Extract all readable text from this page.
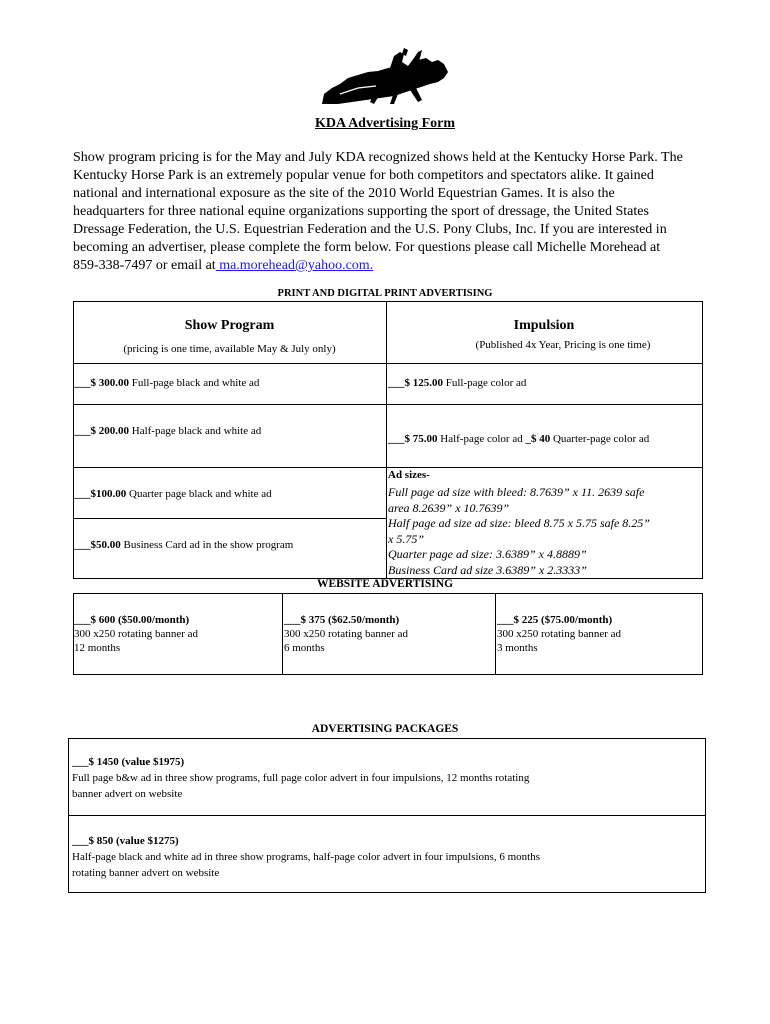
KDA Advertising Form
Show program pricing is for the May and July KDA recognized shows held at the Kentucky Horse Park. The Kentucky Horse Park is an extremely popular venue for both competitors and spectators alike. It gained national and international exposure as the site of the 2010 World Equestrian Games. It is also the headquarters for three national equine organizations supporting the sport of dressage, the United States Dressage Federation, the U.S. Equestrian Federation and the U.S. Pony Clubs, Inc. If you are interested in becoming an advertiser, please complete the form below. For questions please call Michelle Morehead at 859-338-7497 or email at ma.morehead@yahoo.com.
PRINT AND DIGITAL PRINT ADVERTISING
Show Program
(pricing is one time, available May & July only)
Impulsion
(Published 4x Year, Pricing is one time)
___$ 300.00 Full-page black and white ad
___$ 200.00 Half-page black and white ad
___$100.00 Quarter page black and white ad
___$50.00 Business Card ad in the show program
___$ 125.00 Full-page color ad
___$ 75.00 Half-page color ad _$ 40 Quarter-page color ad
Ad sizes-
Full page ad size with bleed: 8.7639” x 11. 2639 safe
area 8.2639” x 10.7639”
Half page ad size ad size: bleed 8.75 x 5.75 safe 8.25”
x 5.75”
Quarter page ad size: 3.6389” x 4.8889”
Business Card ad size 3.6389” x 2.3333”
WEBSITE ADVERTISING
___$ 600 ($50.00/month)
300 x250 rotating banner ad
12 months
___$ 375 ($62.50/month)
300 x250 rotating banner ad
6 months
___$ 225 ($75.00/month)
300 x250 rotating banner ad
3 months
ADVERTISING PACKAGES
___$ 1450 (value $1975)
Full page b&w ad in three show programs, full page color advert in four impulsions, 12 months rotating
banner advert on website
___$ 850 (value $1275)
Half-page black and white ad in three show programs, half-page color advert in four impulsions, 6 months
rotating banner advert on website
